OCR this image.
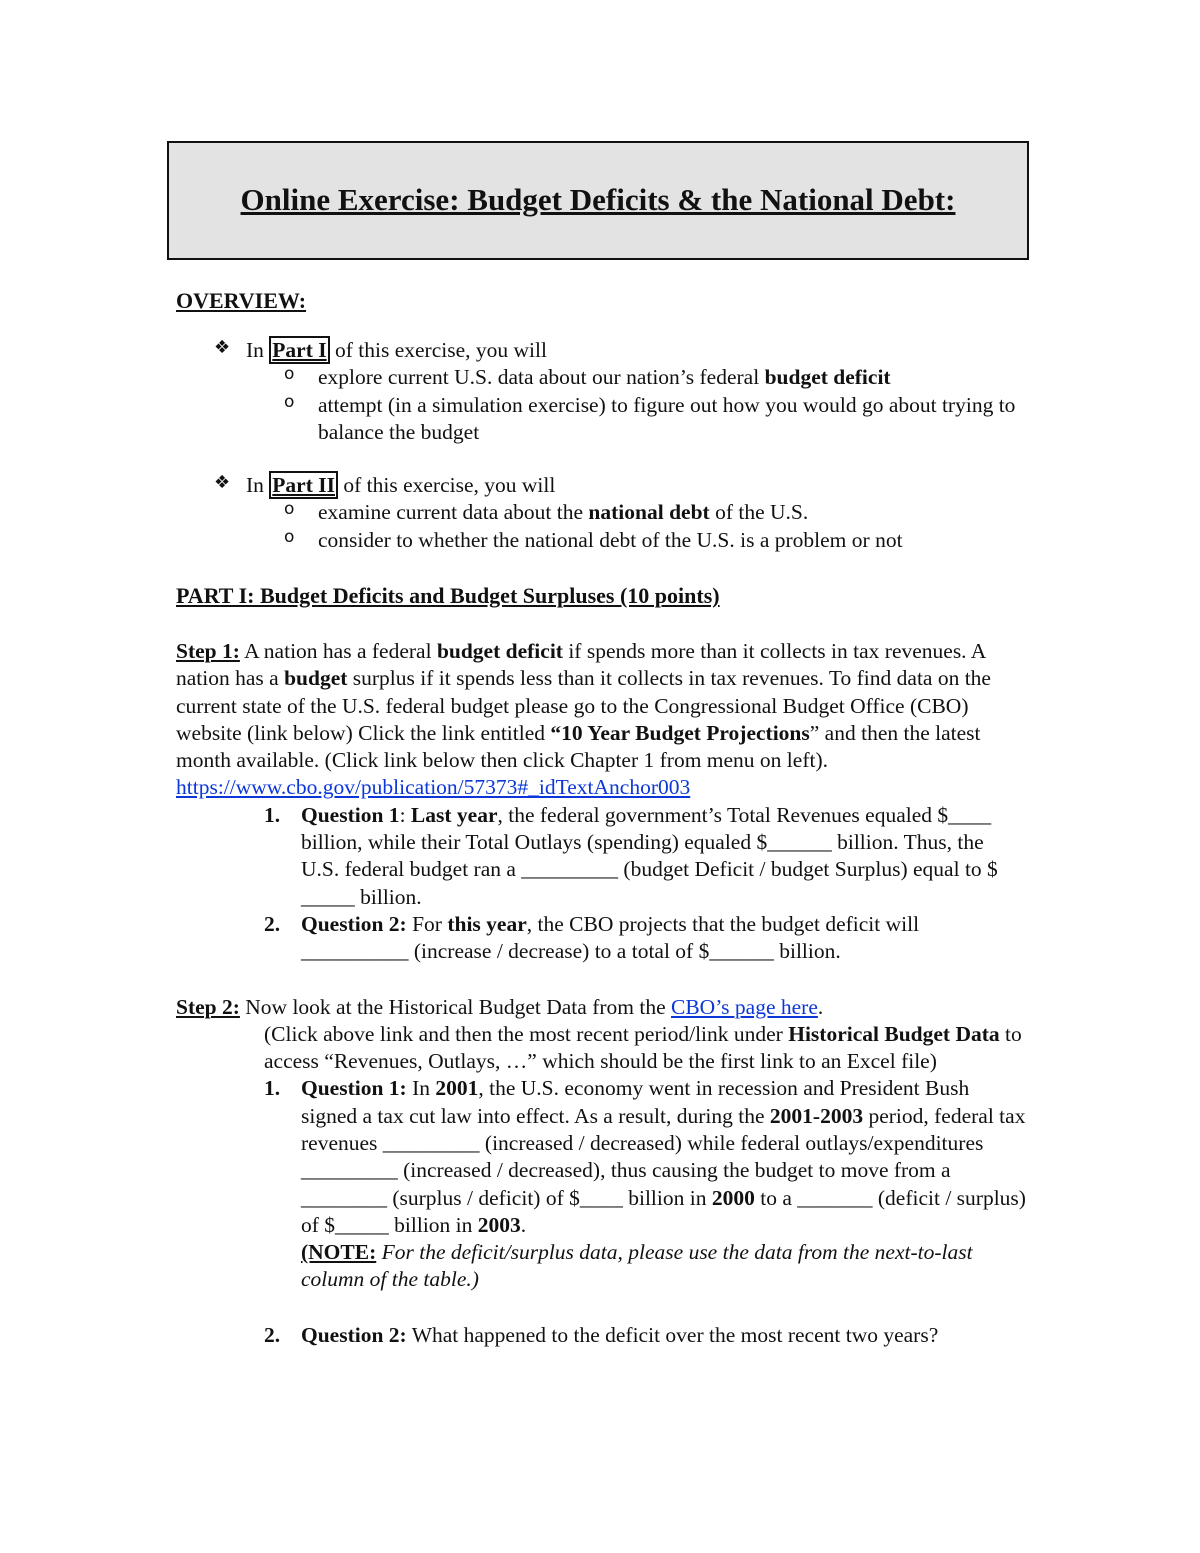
Online Exercise: Budget Deficits & the National Debt:

OVERVIEW:

❖ In Part I of this exercise, you will

o explore current U.S. data about our nation’s federal budget deficit
o attempt (in a simulation exercise) to figure out how you would go about trying to balance the budget

❖ In Part II of this exercise, you will

o examine current data about the national debt of the U.S.
o consider to whether the national debt of the U.S. is a problem or not

PART I: Budget Deficits and Budget Surpluses (10 points)

Step 1: A nation has a federal budget deficit if spends more than it collects in tax revenues. A nation has a budget surplus if it spends less than it collects in tax revenues. To find data on the current state of the U.S. federal budget please go to the Congressional Budget Office (CBO) website (link below) Click the link entitled “10 Year Budget Projections” and then the latest month available. (Click link below then click Chapter 1 from menu on left). https://www.cbo.gov/publication/57373#_idTextAnchor003

1. Question 1: Last year, the federal government’s Total Revenues equaled $____ billion, while their Total Outlays (spending) equaled $______ billion. Thus, the U.S. federal budget ran a _________ (budget Deficit / budget Surplus) equal to $ _____ billion.
2. Question 2: For this year, the CBO projects that the budget deficit will __________ (increase / decrease) to a total of $______ billion.

Step 2: Now look at the Historical Budget Data from the CBO’s page here.

(Click above link and then the most recent period/link under Historical Budget Data to access “Revenues, Outlays, …” which should be the first link to an Excel file)

1. Question 1: In 2001, the U.S. economy went in recession and President Bush signed a tax cut law into effect. As a result, during the 2001-2003 period, federal tax revenues _________ (increased / decreased) while federal outlays/expenditures _________ (increased / decreased), thus causing the budget to move from a ________ (surplus / deficit) of $____ billion in 2000 to a _______ (deficit / surplus) of $_____ billion in 2003.
(NOTE: For the deficit/surplus data, please use the data from the next-to-last column of the table.)
2. Question 2: What happened to the deficit over the most recent two years?
